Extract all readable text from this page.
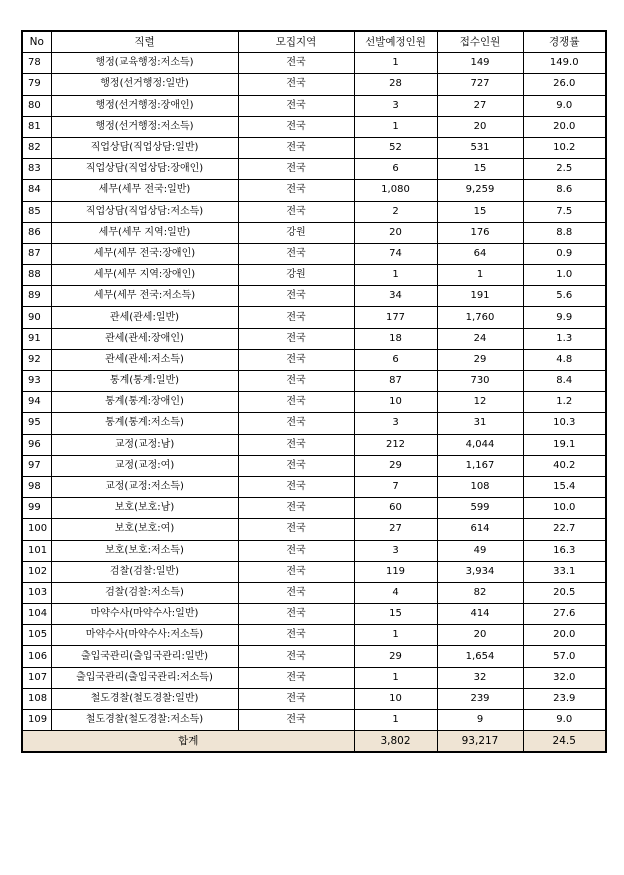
No	직렬	모집지역	선발예정인원	접수인원	경쟁률
78	행정(교육행정:저소득)	전국	1	149	149.0
79	행정(선거행정:일반)	전국	28	727	26.0
80	행정(선거행정:장애인)	전국	3	27	9.0
81	행정(선거행정:저소득)	전국	1	20	20.0
82	직업상담(직업상담:일반)	전국	52	531	10.2
83	직업상담(직업상담:장애인)	전국	6	15	2.5
84	세무(세무 전국:일반)	전국	1,080	9,259	8.6
85	직업상담(직업상담:저소득)	전국	2	15	7.5
86	세무(세무 지역:일반)	강원	20	176	8.8
87	세무(세무 전국:장애인)	전국	74	64	0.9
88	세무(세무 지역:장애인)	강원	1	1	1.0
89	세무(세무 전국:저소득)	전국	34	191	5.6
90	관세(관세:일반)	전국	177	1,760	9.9
91	관세(관세:장애인)	전국	18	24	1.3
92	관세(관세:저소득)	전국	6	29	4.8
93	통계(통계:일반)	전국	87	730	8.4
94	통계(통계:장애인)	전국	10	12	1.2
95	통계(통계:저소득)	전국	3	31	10.3
96	교정(교정:남)	전국	212	4,044	19.1
97	교정(교정:여)	전국	29	1,167	40.2
98	교정(교정:저소득)	전국	7	108	15.4
99	보호(보호:남)	전국	60	599	10.0
100	보호(보호:여)	전국	27	614	22.7
101	보호(보호:저소득)	전국	3	49	16.3
102	검찰(검찰:일반)	전국	119	3,934	33.1
103	검찰(검찰:저소득)	전국	4	82	20.5
104	마약수사(마약수사:일반)	전국	15	414	27.6
105	마약수사(마약수사:저소득)	전국	1	20	20.0
106	출입국관리(출입국관리:일반)	전국	29	1,654	57.0
107	출입국관리(출입국관리:저소득)	전국	1	32	32.0
108	철도경찰(철도경찰:일반)	전국	10	239	23.9
109	철도경찰(철도경찰:저소득)	전국	1	9	9.0
합계			3,802	93,217	24.5
